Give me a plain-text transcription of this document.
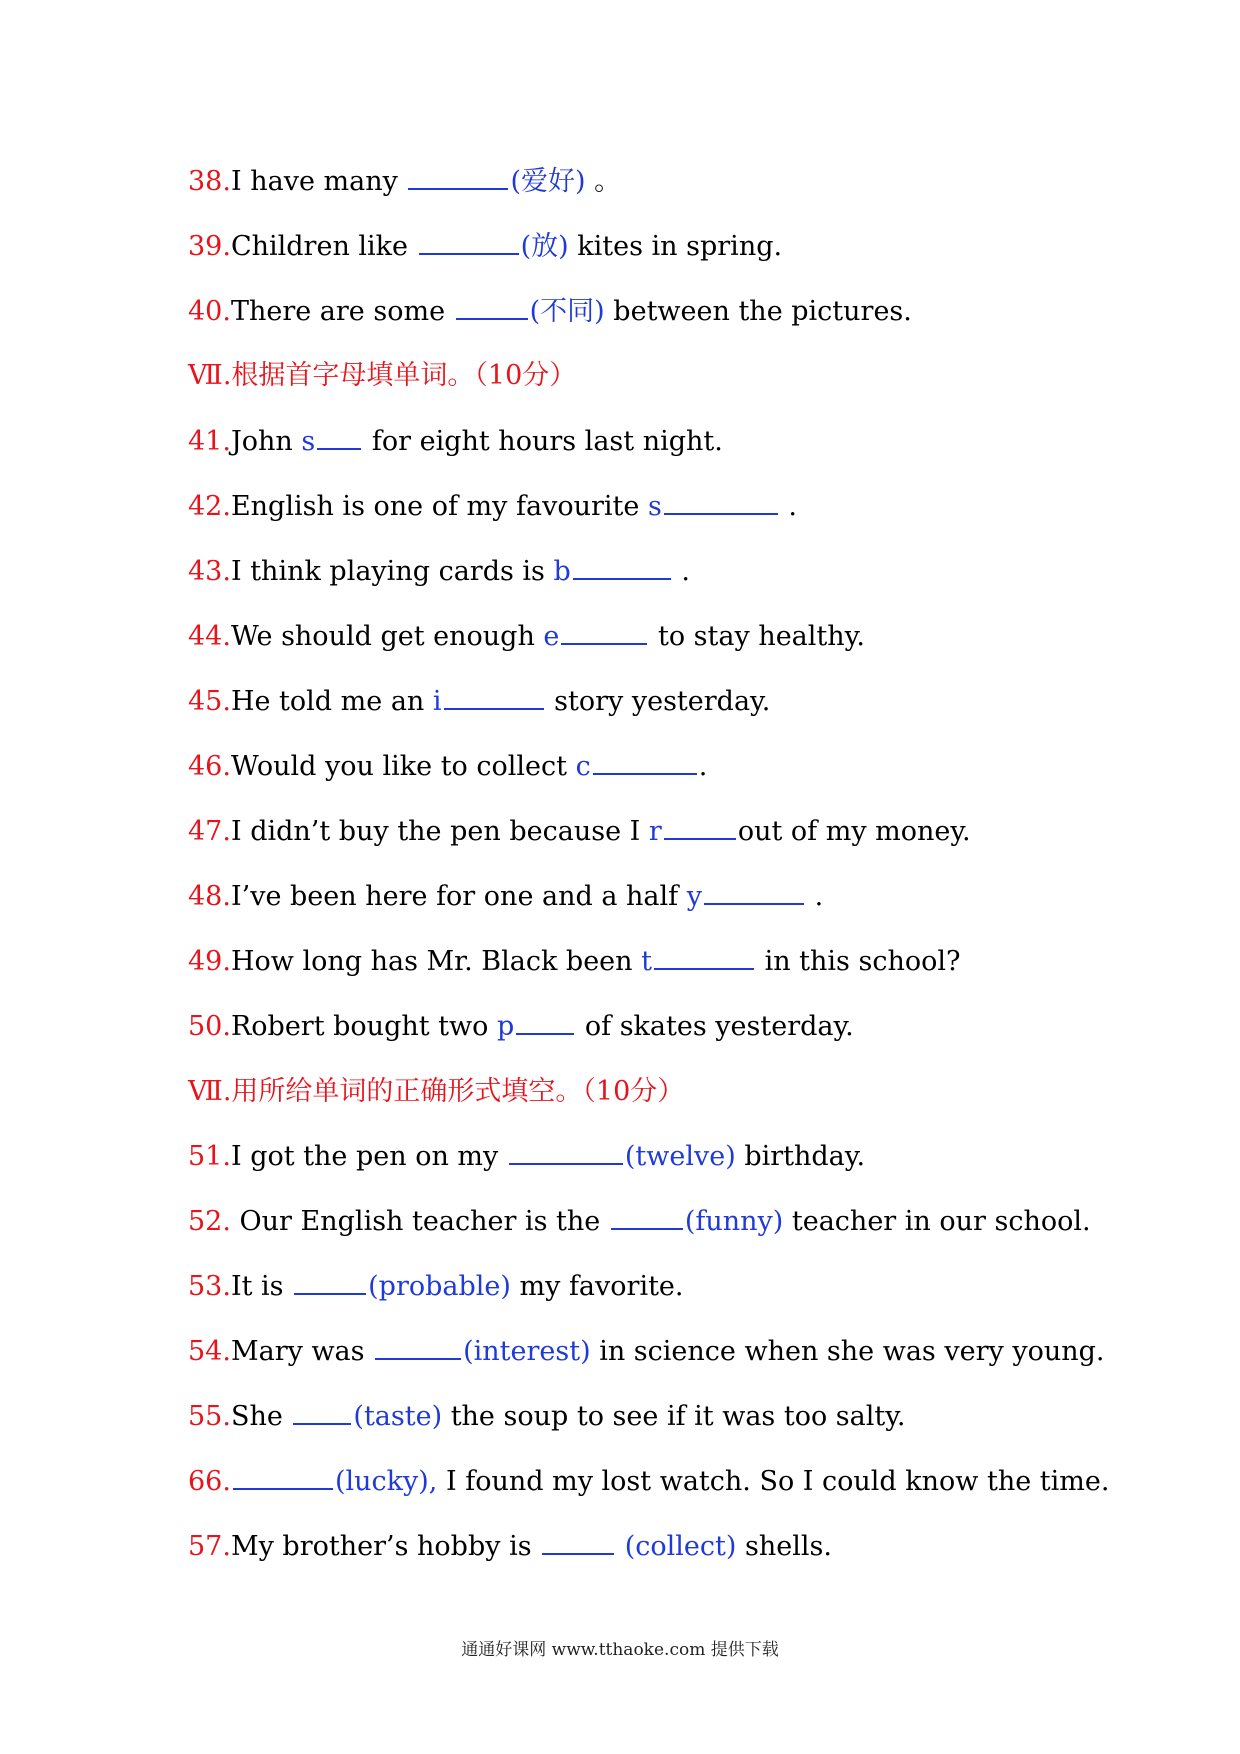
38.I have many	(爱好) 。
39.Children like	(放) kites in spring.
40.There are some	(不同) between the pictures.
Ⅶ.根据首字母填单词。（10分）
41.John s for eight hours last night.
42.English is one of my favourite s	.
43.I think playing cards is b	.
44.We should get enough e	to stay healthy.
45.He told me an i	story yesterday.
46.Would you like to collect c	.
47.I didn’t buy the pen because I r	out of my money.
48.I’ve been here for one and a half y	.
49.How long has Mr. Black been t	in this school?
50.Robert bought two p of skates yesterday.
Ⅶ.用所给单词的正确形式填空。（10分）
51.I got the pen on my	(twelve) birthday.
52. Our English teacher is the	(funny) teacher in our school.
53.It is	(probable) my favorite.
54.Mary was	(interest) in science when she was very young.
55.She (taste) the soup to see if it was too salty.
66.	(lucky), I found my lost watch. So I could know the time.
57.My brother’s hobby is	(collect) shells.
通通好课网 www.tthaoke.com 提供下载
